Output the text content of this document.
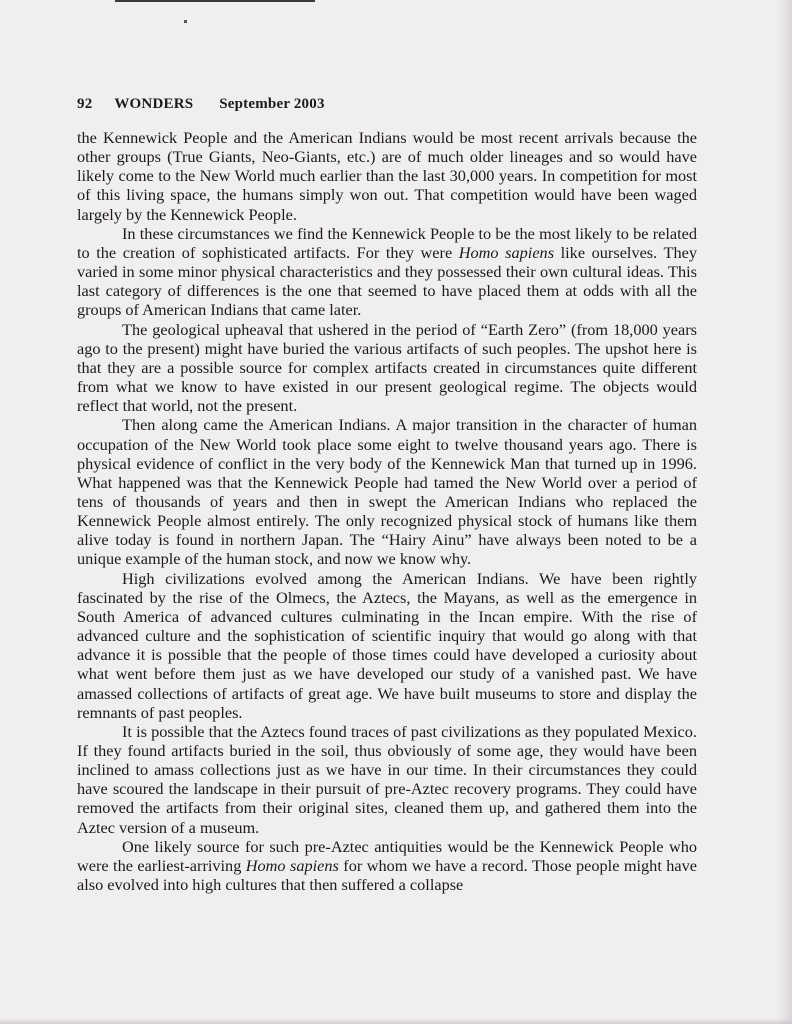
92 WONDERS September 2003

the Kennewick People and the American Indians would be most recent arrivals because the other groups (True Giants, Neo-Giants, etc.) are of much older lineages and so would have likely come to the New World much earlier than the last 30,000 years. In competition for most of this living space, the humans simply won out. That competition would have been waged largely by the Kennewick People.

In these circumstances we find the Kennewick People to be the most likely to be related to the creation of sophisticated artifacts. For they were Homo sapiens like ourselves. They varied in some minor physical characteristics and they possessed their own cultural ideas. This last category of differences is the one that seemed to have placed them at odds with all the groups of American Indians that came later.

The geological upheaval that ushered in the period of “Earth Zero” (from 18,000 years ago to the present) might have buried the various artifacts of such peoples. The upshot here is that they are a possible source for complex artifacts created in circumstances quite different from what we know to have existed in our present geological regime. The objects would reflect that world, not the present.

Then along came the American Indians. A major transition in the character of human occupation of the New World took place some eight to twelve thousand years ago. There is physical evidence of conflict in the very body of the Kennewick Man that turned up in 1996. What happened was that the Kennewick People had tamed the New World over a period of tens of thousands of years and then in swept the American Indians who replaced the Kennewick People almost entirely. The only recognized physical stock of humans like them alive today is found in northern Japan. The “Hairy Ainu” have always been noted to be a unique example of the human stock, and now we know why.

High civilizations evolved among the American Indians. We have been rightly fascinated by the rise of the Olmecs, the Aztecs, the Mayans, as well as the emergence in South America of advanced cultures culminating in the Incan empire. With the rise of advanced culture and the sophistication of scientific inquiry that would go along with that advance it is possible that the people of those times could have developed a curiosity about what went before them just as we have developed our study of a vanished past. We have amassed collections of artifacts of great age. We have built museums to store and display the remnants of past peoples.

It is possible that the Aztecs found traces of past civilizations as they populated Mexico. If they found artifacts buried in the soil, thus obviously of some age, they would have been inclined to amass collections just as we have in our time. In their circumstances they could have scoured the landscape in their pursuit of pre-Aztec recovery programs. They could have removed the artifacts from their original sites, cleaned them up, and gathered them into the Aztec version of a museum.

One likely source for such pre-Aztec antiquities would be the Kennewick People who were the earliest-arriving Homo sapiens for whom we have a record. Those people might have also evolved into high cultures that then suffered a collapse
